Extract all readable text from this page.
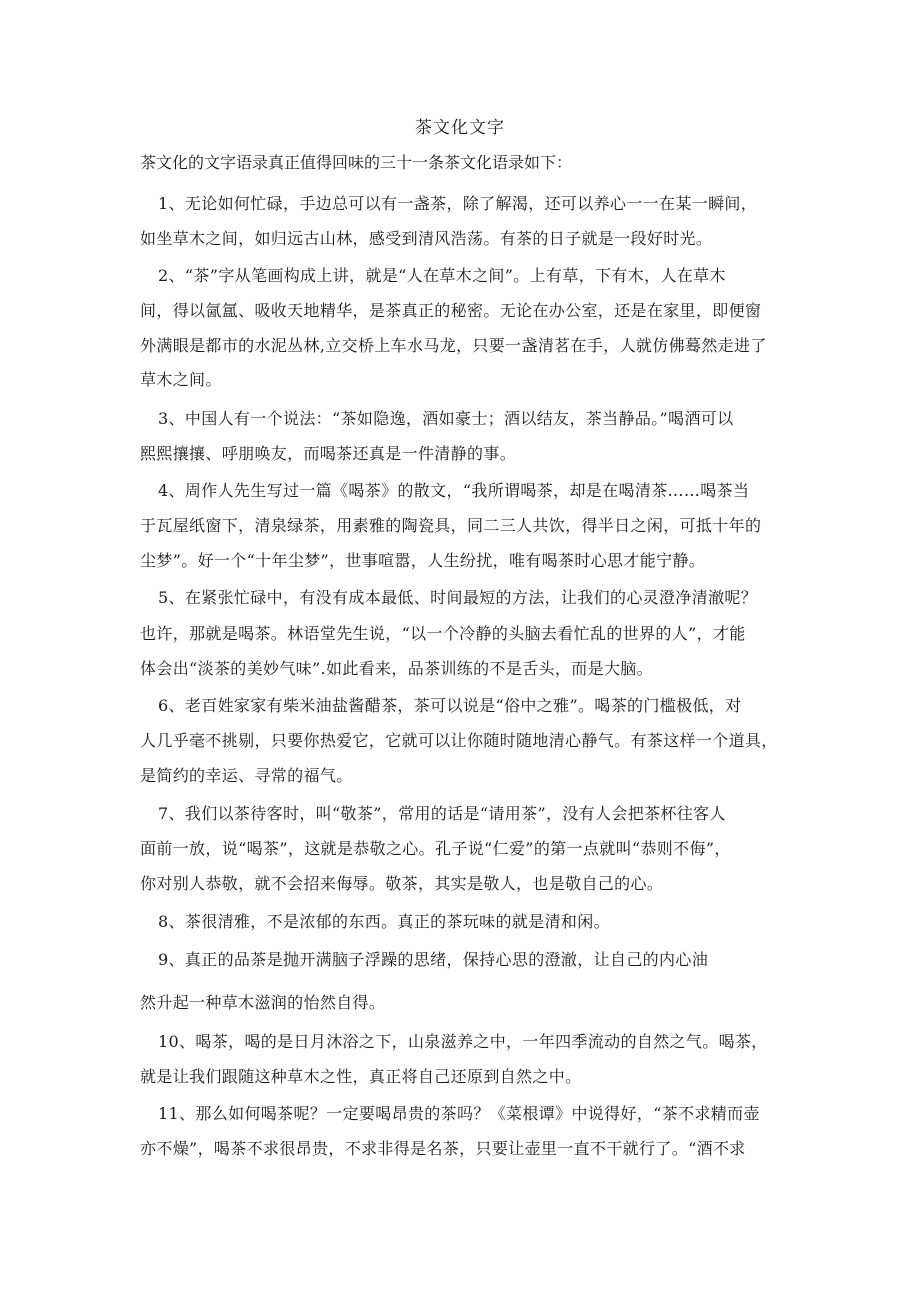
茶文化文字
茶文化的文字语录真正值得回味的三十一条茶文化语录如下：
1、无论如何忙碌，手边总可以有一盏茶，除了解渴，还可以养心一一在某一瞬间，
如坐草木之间，如归远古山林，感受到清风浩荡。有茶的日子就是一段好时光。
2、“茶”字从笔画构成上讲，就是“人在草木之间”。上有草，下有木，人在草木
间，得以氤氲、吸收天地精华，是茶真正的秘密。无论在办公室，还是在家里，即便窗
外满眼是都市的水泥丛林,立交桥上车水马龙，只要一盏清茗在手，人就仿佛蓦然走进了
草木之间。
3、中国人有一个说法：“茶如隐逸，酒如豪士；酒以结友，茶当静品。”喝酒可以
熙熙攘攘、呼朋唤友，而喝茶还真是一件清静的事。
4、周作人先生写过一篇《喝茶》的散文，“我所谓喝茶，却是在喝清茶……喝茶当
于瓦屋纸窗下，清泉绿茶，用素雅的陶瓷具，同二三人共饮，得半日之闲，可抵十年的
尘梦”。好一个“十年尘梦”，世事喧嚣，人生纷扰，唯有喝茶时心思才能宁静。
5、在紧张忙碌中，有没有成本最低、时间最短的方法，让我们的心灵澄净清澈呢？
也许，那就是喝茶。林语堂先生说，“以一个冷静的头脑去看忙乱的世界的人”，才能
体会出“淡茶的美妙气味”.如此看来，品茶训练的不是舌头，而是大脑。
6、老百姓家家有柴米油盐酱醋茶，茶可以说是“俗中之雅”。喝茶的门槛极低，对
人几乎毫不挑剔，只要你热爱它，它就可以让你随时随地清心静气。有茶这样一个道具，
是简约的幸运、寻常的福气。
7、我们以茶待客时，叫“敬茶”，常用的话是“请用茶”，没有人会把茶杯往客人
面前一放，说“喝茶”，这就是恭敬之心。孔子说“仁爱”的第一点就叫“恭则不侮”，
你对别人恭敬，就不会招来侮辱。敬茶，其实是敬人，也是敬自己的心。
8、茶很清雅，不是浓郁的东西。真正的茶玩味的就是清和闲。
9、真正的品茶是抛开满脑子浮躁的思绪，保持心思的澄澈，让自己的内心油
然升起一种草木滋润的怡然自得。
10、喝茶，喝的是日月沐浴之下，山泉滋养之中，一年四季流动的自然之气。喝茶，
就是让我们跟随这种草木之性，真正将自己还原到自然之中。
11、那么如何喝茶呢？一定要喝昂贵的茶吗？《菜根谭》中说得好，“茶不求精而壶
亦不燥”，喝茶不求很昂贵，不求非得是名茶，只要让壶里一直不干就行了。“酒不求
